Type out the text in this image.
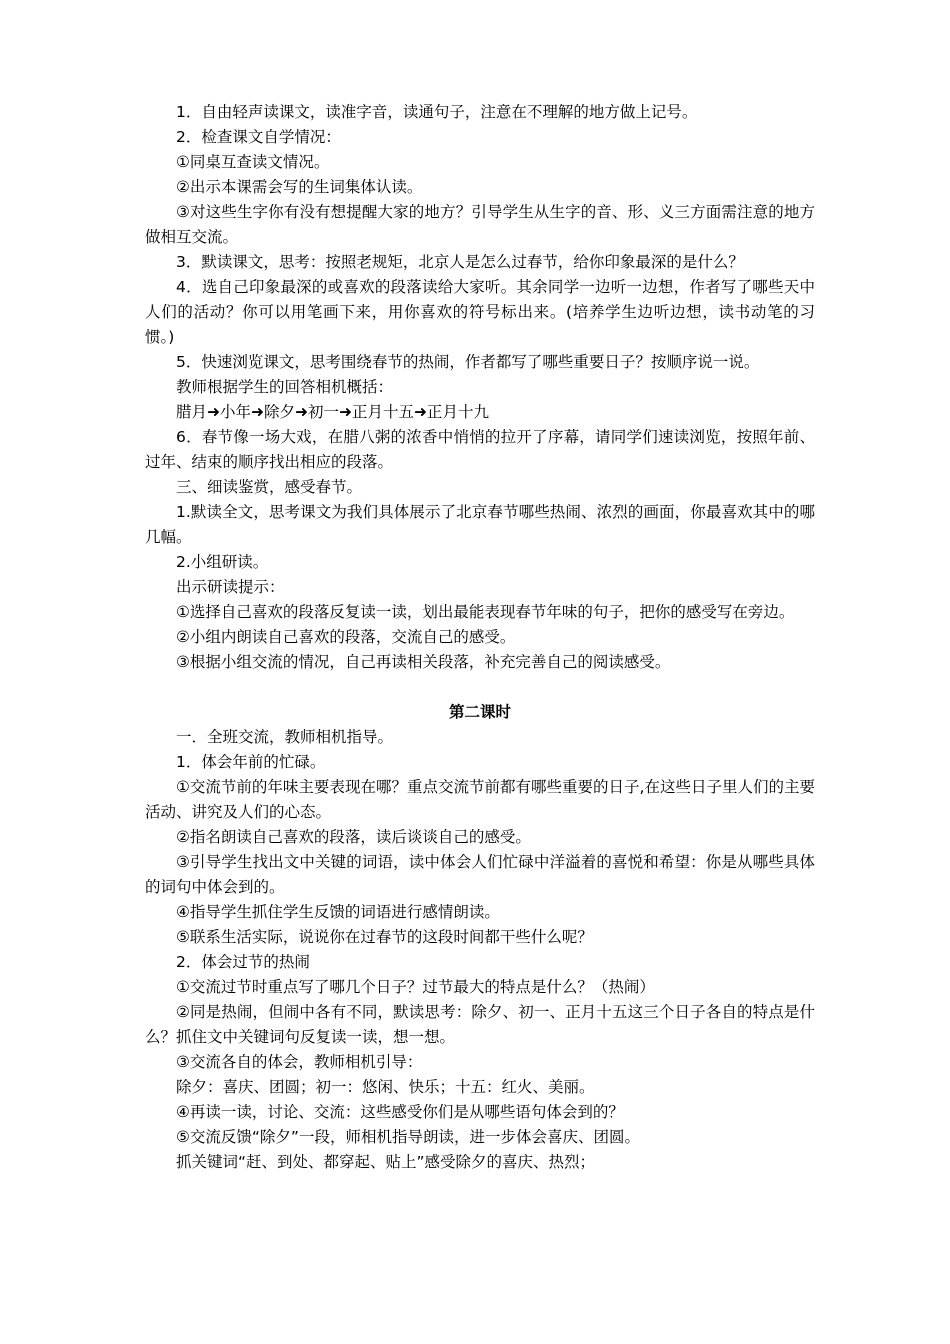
1．自由轻声读课文，读准字音，读通句子，注意在不理解的地方做上记号。

2．检查课文自学情况：

①同桌互查读文情况。

②出示本课需会写的生词集体认读。

③对这些生字你有没有想提醒大家的地方？引导学生从生字的音、形、义三方面需注意的地方做相互交流。

3．默读课文，思考：按照老规矩，北京人是怎么过春节，给你印象最深的是什么？

4．选自己印象最深的或喜欢的段落读给大家听。其余同学一边听一边想，作者写了哪些天中人们的活动？你可以用笔画下来，用你喜欢的符号标出来。(培养学生边听边想，读书动笔的习惯。)

5．快速浏览课文，思考围绕春节的热闹，作者都写了哪些重要日子？按顺序说一说。

教师根据学生的回答相机概括：

腊月➜小年➜除夕➜初一➜正月十五➜正月十九

6．春节像一场大戏，在腊八粥的浓香中悄悄的拉开了序幕，请同学们速读浏览，按照年前、过年、结束的顺序找出相应的段落。

三、细读鉴赏，感受春节。

1.默读全文，思考课文为我们具体展示了北京春节哪些热闹、浓烈的画面，你最喜欢其中的哪几幅。

2.小组研读。

出示研读提示：

①选择自己喜欢的段落反复读一读，划出最能表现春节年味的句子，把你的感受写在旁边。

②小组内朗读自己喜欢的段落，交流自己的感受。

③根据小组交流的情况，自己再读相关段落，补充完善自己的阅读感受。

第二课时

一．全班交流，教师相机指导。

1．体会年前的忙碌。

①交流节前的年味主要表现在哪？重点交流节前都有哪些重要的日子,在这些日子里人们的主要活动、讲究及人们的心态。

②指名朗读自己喜欢的段落，读后谈谈自己的感受。

③引导学生找出文中关键的词语，读中体会人们忙碌中洋溢着的喜悦和希望：你是从哪些具体的词句中体会到的。

④指导学生抓住学生反馈的词语进行感情朗读。

⑤联系生活实际，说说你在过春节的这段时间都干些什么呢？

2．体会过节的热闹

①交流过节时重点写了哪几个日子？过节最大的特点是什么？（热闹）

②同是热闹，但闹中各有不同，默读思考：除夕、初一、正月十五这三个日子各自的特点是什么？抓住文中关键词句反复读一读，想一想。

③交流各自的体会，教师相机引导：

除夕：喜庆、团圆；初一：悠闲、快乐；十五：红火、美丽。

④再读一读，讨论、交流：这些感受你们是从哪些语句体会到的？

⑤交流反馈“除夕”一段，师相机指导朗读，进一步体会喜庆、团圆。

抓关键词“赶、到处、都穿起、贴上”感受除夕的喜庆、热烈；
